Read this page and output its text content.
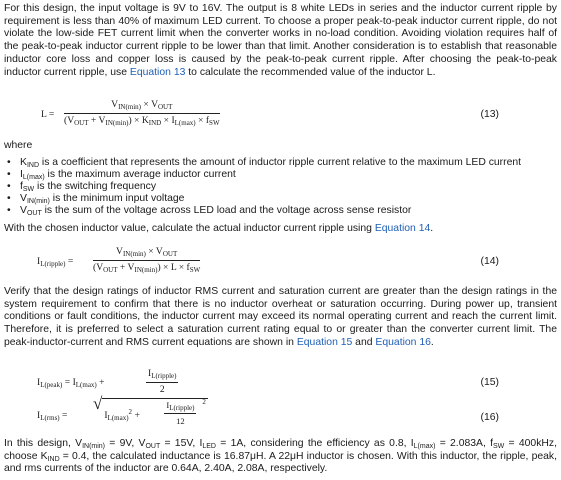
For this design, the input voltage is 9V to 16V. The output is 8 white LEDs in series and the inductor current ripple by requirement is less than 40% of maximum LED current. To choose a proper peak-to-peak inductor current ripple, do not violate the low-side FET current limit when the converter works in no-load condition. Avoiding violation requires half of the peak-to-peak inductor current ripple to be lower than that limit. Another consideration is to establish that reasonable inductor core loss and copper loss is caused by the peak-to-peak current ripple. After choosing the peak-to-peak inductor current ripple, use Equation 13 to calculate the recommended value of the inductor L.

L =
$V_{IN(min)} \times V_{OUT}$
$(V_{OUT} + V_{IN(min)}) \times K_{IND} \times I_{L(max)} \times f_{SW}$
(13)

where

• $K_{IND}$ is a coefficient that represents the amount of inductor ripple current relative to the maximum LED current
• $I_{L(max)}$ is the maximum average inductor current
• $f_{SW}$ is the switching frequency
• $V_{IN(min)}$ is the minimum input voltage
• $V_{OUT}$ is the sum of the voltage across LED load and the voltage across sense resistor

With the chosen inductor value, calculate the actual inductor current ripple using Equation 14.

$I_{L(ripple)}$ =
$V_{IN(min)} \times V_{OUT}$
$(V_{OUT} + V_{IN(min)}) \times L \times f_{SW}$
(14)

Verify that the design ratings of inductor RMS current and saturation current are greater than the design ratings in the system requirement to confirm that there is no inductor overheat or saturation occurring. During power up, transient conditions or fault conditions, the inductor current may exceed its normal operating current and reach the current limit. Therefore, it is preferred to select a saturation current rating equal to or greater than the converter current limit. The peak-inductor-current and RMS current equations are shown in Equation 15 and Equation 16.

$I_{L(peak)} = I_{L(max)}$ +
$I_{L(ripple)}$
2
(15)
$I_{L(rms)}$ =
√
$I_{L(max)}^2$ +
$I_{L(ripple)}$
12
2
(16)

In this design, $V_{IN(min)} = 9V$, $V_{OUT} = 15V$, $I_{LED} = 1A$, considering the efficiency as 0.8, $I_{L(max)} = 2.083A$, $f_{SW} = 400kHz$, choose $K_{IND} = 0.4$, the calculated inductance is 16.87μH. A 22μH inductor is chosen. With this inductor, the ripple, peak, and rms currents of the inductor are 0.64A, 2.40A, 2.08A, respectively.
